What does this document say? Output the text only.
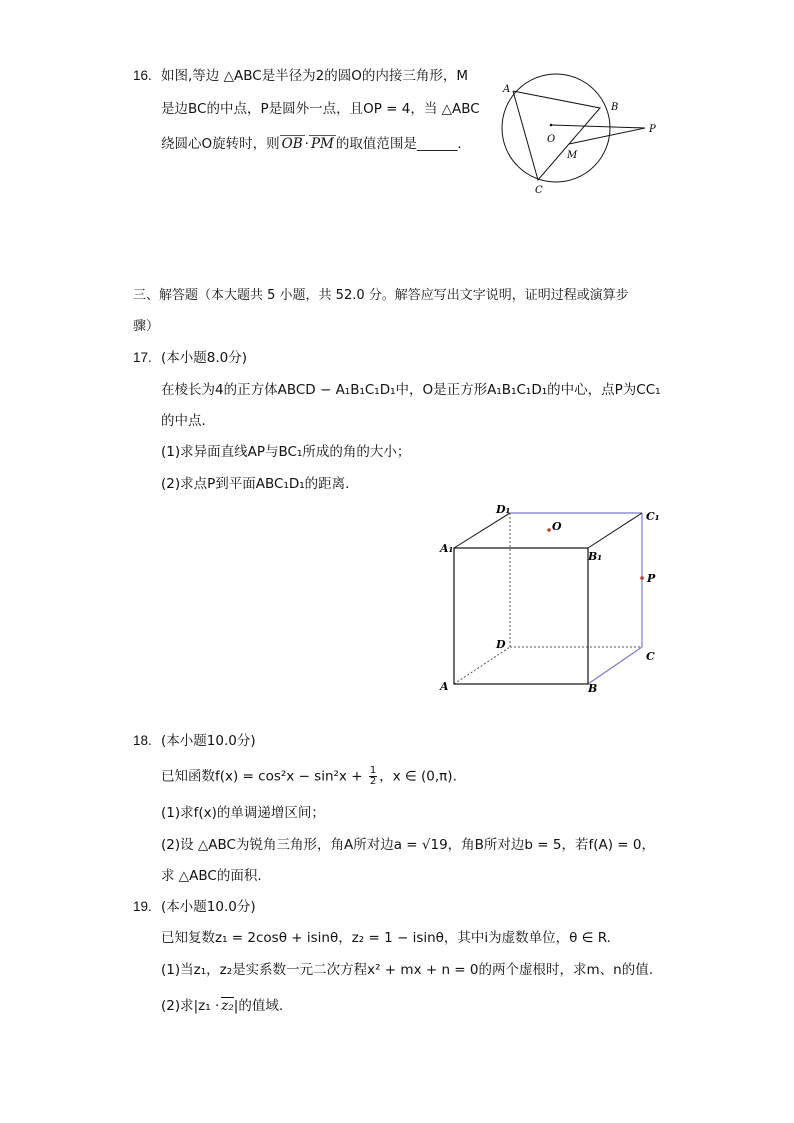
16. 如图,等边 △ABC是半径为2的圆O的内接三角形，M
是边BC的中点，P是圆外一点，且OP = 4，当 △ABC
绕圆心O旋转时，则 OB · PM 的取值范围是______.
A
B
C
O
M
P
三、解答题（本大题共 5 小题，共 52.0 分。解答应写出文字说明，证明过程或演算步
骤）
17. (本小题8.0分)
在棱长为4的正方体ABCD − A₁B₁C₁D₁中，O是正方形A₁B₁C₁D₁的中心，点P为CC₁
的中点.
(1)求异面直线AP与BC₁所成的角的大小；
(2)求点P到平面ABC₁D₁的距离.
A₁
D₁
C₁
B₁
O
P
D
C
A	B
18. (本小题10.0分)
已知函数$f(x) = \cos^2x - \sin^2x + \frac{1}{2}$ ，x ∈ (0,π).
(1)求f(x)的单调递增区间；
(2)设 △ABC为锐角三角形，角A所对边a = √19，角B所对边b = 5，若f(A) = 0，
求 △ABC的面积.
19. (本小题10.0分)
已知复数z₁ = 2cosθ + isinθ，z₂ = 1 − isinθ，其中i为虚数单位，θ ∈ R.
(1)当z₁，z₂是实系数一元二次方程x² + mx + n = 0的两个虚根时，求m、n的值.
(2)求|z₁ · z₂|的值域.
